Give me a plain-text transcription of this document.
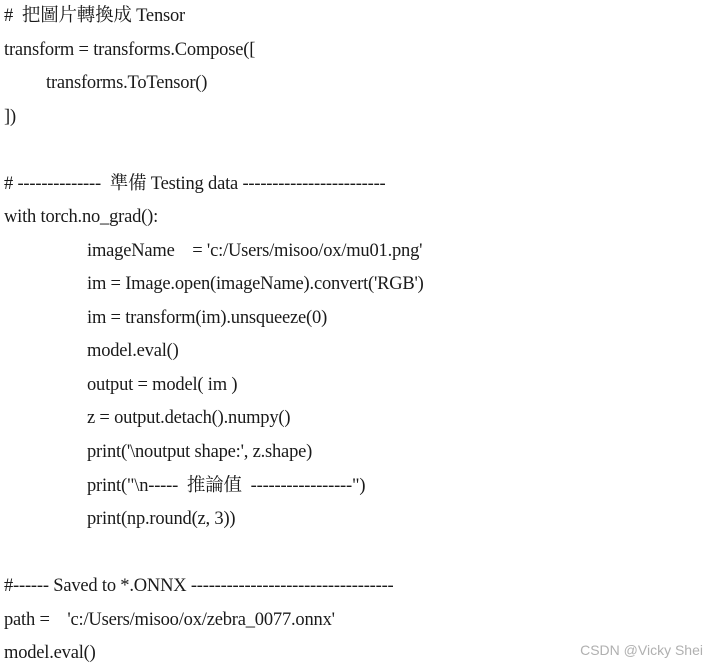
#  把圖片轉換成 Tensor
transform = transforms.Compose([
transforms.ToTensor()
])
# --------------  準備 Testing data ------------------------
with torch.no_grad():
imageName    = 'c:/Users/misoo/ox/mu01.png'
im = Image.open(imageName).convert('RGB')
im = transform(im).unsqueeze(0)
model.eval()
output = model( im )
z = output.detach().numpy()
print('\noutput shape:', z.shape)
print("\n-----  推論值  -----------------")
print(np.round(z, 3))
#------ Saved to *.ONNX ----------------------------------
path =    'c:/Users/misoo/ox/zebra_0077.onnx'
model.eval()	CSDN @Vicky Shei
